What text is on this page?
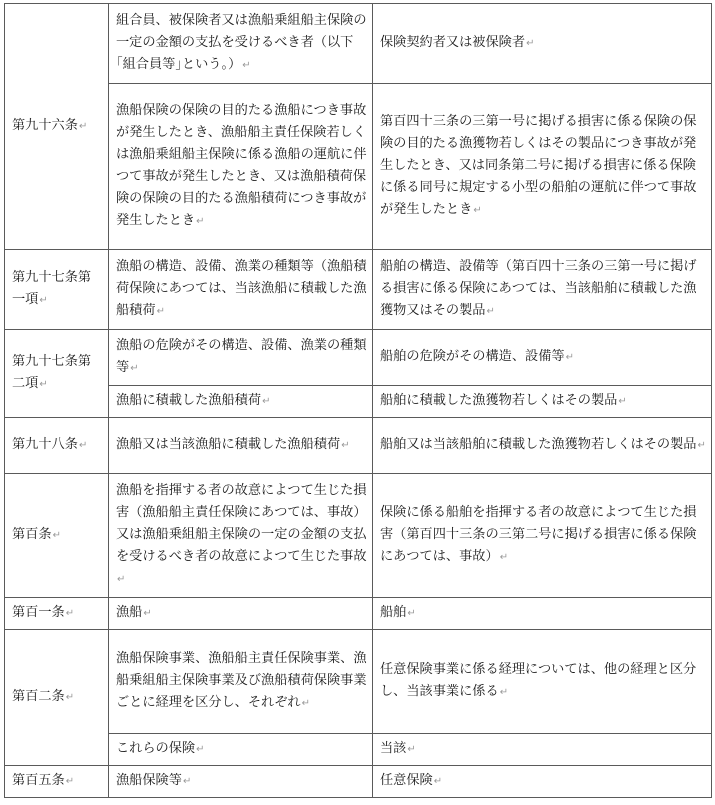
第九十六条↵	組合員、被保険者又は漁船乗組船主保険の一定の金額の支払を受けるべき者（以下｢組合員等｣という。）↵	保険契約者又は被保険者↵
	漁船保険の保険の目的たる漁船につき事故が発生したとき、漁船船主責任保険若しくは漁船乗組船主保険に係る漁船の運航に伴つて事故が発生したとき、又は漁船積荷保険の保険の目的たる漁船積荷につき事故が発生したとき↵	第百四十三条の三第一号に掲げる損害に係る保険の保険の目的たる漁獲物若しくはその製品につき事故が発生したとき、又は同条第二号に掲げる損害に係る保険に係る同号に規定する小型の船舶の運航に伴つて事故が発生したとき↵
第九十七条第一項↵	漁船の構造、設備、漁業の種類等（漁船積荷保険にあつては、当該漁船に積載した漁船積荷↵	船舶の構造、設備等（第百四十三条の三第一号に掲げる損害に係る保険にあつては、当該船舶に積載した漁獲物又はその製品↵
第九十七条第二項↵	漁船の危険がその構造、設備、漁業の種類等↵	船舶の危険がその構造、設備等↵
	漁船に積載した漁船積荷↵	船舶に積載した漁獲物若しくはその製品↵
第九十八条↵	漁船又は当該漁船に積載した漁船積荷↵	船舶又は当該船舶に積載した漁獲物若しくはその製品↵
第百条↵	漁船を指揮する者の故意によつて生じた損害（漁船船主責任保険にあつては、事故）又は漁船乗組船主保険の一定の金額の支払を受けるべき者の故意によつて生じた事故↵	保険に係る船舶を指揮する者の故意によつて生じた損害（第百四十三条の三第二号に掲げる損害に係る保険にあつては、事故）↵
第百一条↵	漁船↵	船舶↵
第百二条↵	漁船保険事業、漁船船主責任保険事業、漁船乗組船主保険事業及び漁船積荷保険事業ごとに経理を区分し、それぞれ↵	任意保険事業に係る経理については、他の経理と区分し、当該事業に係る↵
	これらの保険↵	当該↵
第百五条↵	漁船保険等↵	任意保険↵
